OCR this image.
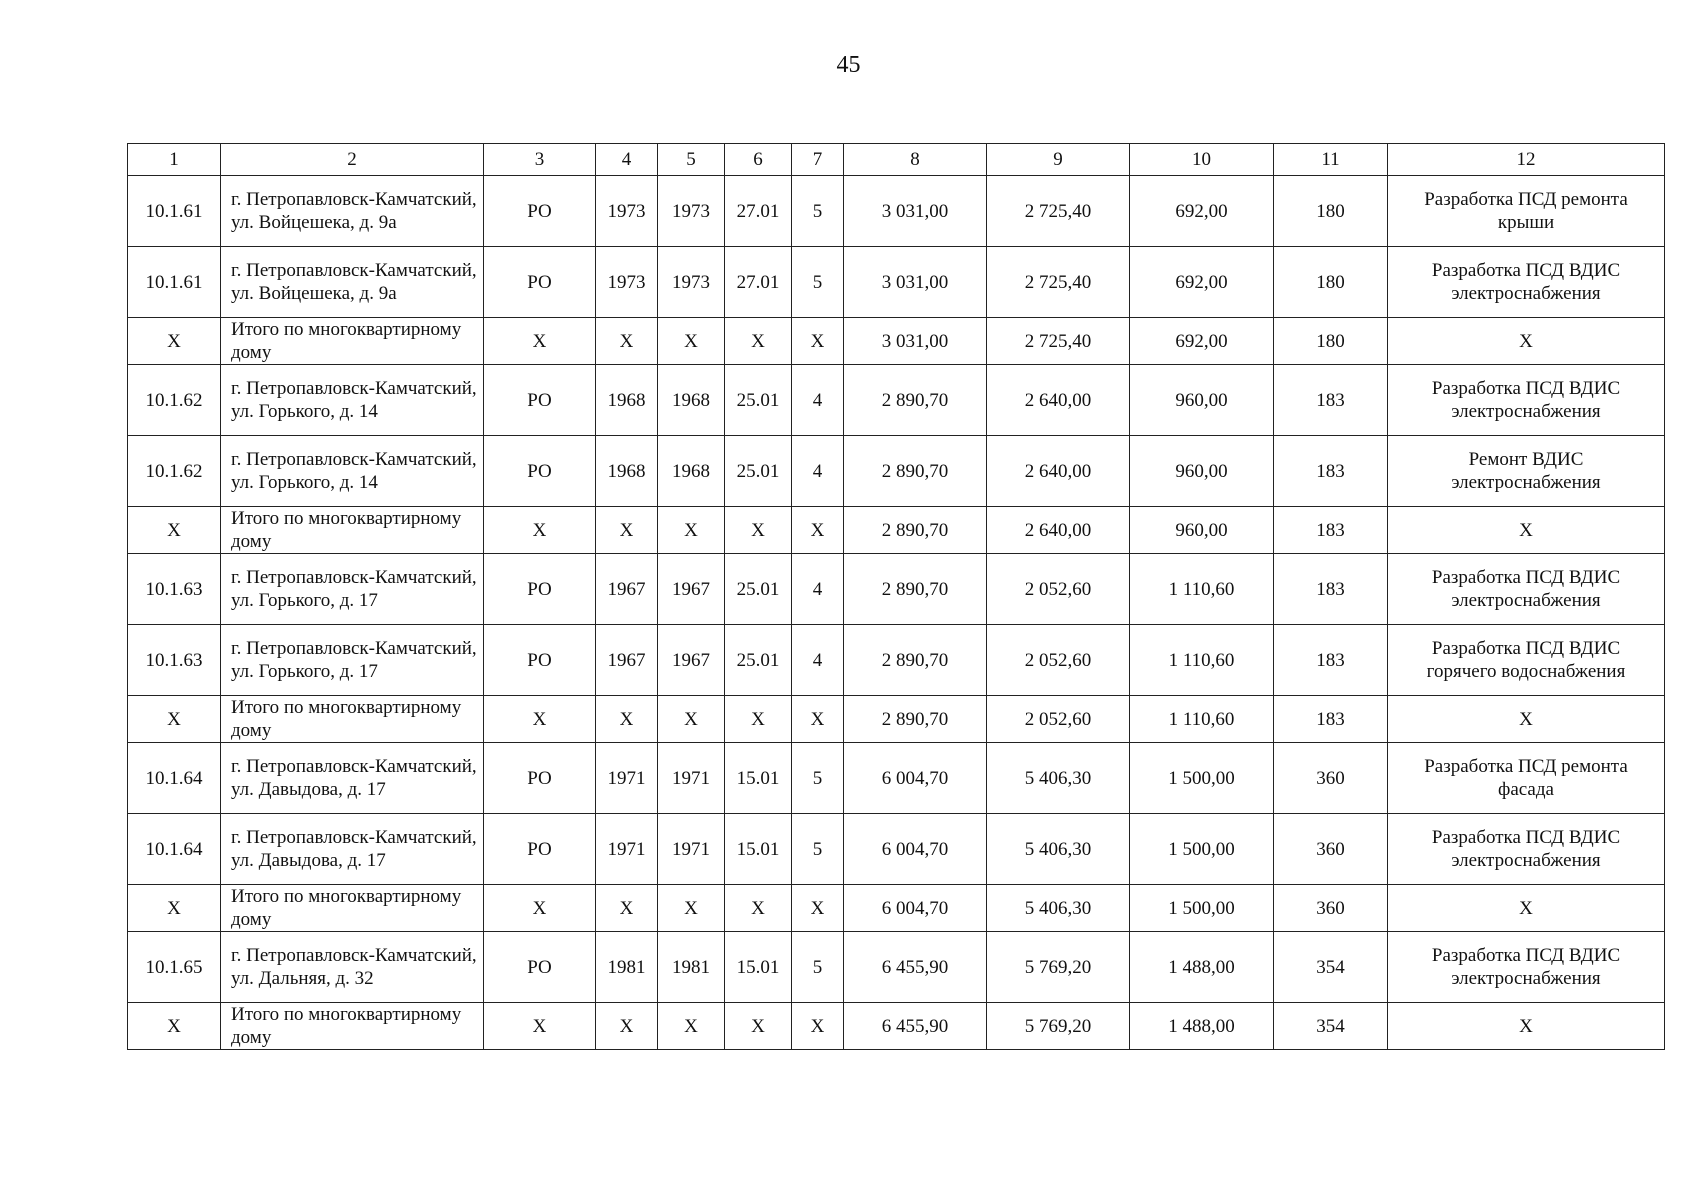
45
1	2	3	4	5	6	7	8	9	10	11	12
10.1.61	г. Петропавловск-Камчатский, ул. Войцешека, д. 9а	РО	1973	1973	27.01	5	3 031,00	2 725,40	692,00	180	Разработка ПСД ремонта крыши
10.1.61	г. Петропавловск-Камчатский, ул. Войцешека, д. 9а	РО	1973	1973	27.01	5	3 031,00	2 725,40	692,00	180	Разработка ПСД ВДИС электроснабжения
Х	Итого по многоквартирному дому	Х	Х	Х	Х	Х	3 031,00	2 725,40	692,00	180	Х
10.1.62	г. Петропавловск-Камчатский, ул. Горького, д. 14	РО	1968	1968	25.01	4	2 890,70	2 640,00	960,00	183	Разработка ПСД ВДИС электроснабжения
10.1.62	г. Петропавловск-Камчатский, ул. Горького, д. 14	РО	1968	1968	25.01	4	2 890,70	2 640,00	960,00	183	Ремонт ВДИС электроснабжения
Х	Итого по многоквартирному дому	Х	Х	Х	Х	Х	2 890,70	2 640,00	960,00	183	Х
10.1.63	г. Петропавловск-Камчатский, ул. Горького, д. 17	РО	1967	1967	25.01	4	2 890,70	2 052,60	1 110,60	183	Разработка ПСД ВДИС электроснабжения
10.1.63	г. Петропавловск-Камчатский, ул. Горького, д. 17	РО	1967	1967	25.01	4	2 890,70	2 052,60	1 110,60	183	Разработка ПСД ВДИС горячего водоснабжения
Х	Итого по многоквартирному дому	Х	Х	Х	Х	Х	2 890,70	2 052,60	1 110,60	183	Х
10.1.64	г. Петропавловск-Камчатский, ул. Давыдова, д. 17	РО	1971	1971	15.01	5	6 004,70	5 406,30	1 500,00	360	Разработка ПСД ремонта фасада
10.1.64	г. Петропавловск-Камчатский, ул. Давыдова, д. 17	РО	1971	1971	15.01	5	6 004,70	5 406,30	1 500,00	360	Разработка ПСД ВДИС электроснабжения
Х	Итого по многоквартирному дому	Х	Х	Х	Х	Х	6 004,70	5 406,30	1 500,00	360	Х
10.1.65	г. Петропавловск-Камчатский, ул. Дальняя, д. 32	РО	1981	1981	15.01	5	6 455,90	5 769,20	1 488,00	354	Разработка ПСД ВДИС электроснабжения
Х	Итого по многоквартирному дому	Х	Х	Х	Х	Х	6 455,90	5 769,20	1 488,00	354	Х
